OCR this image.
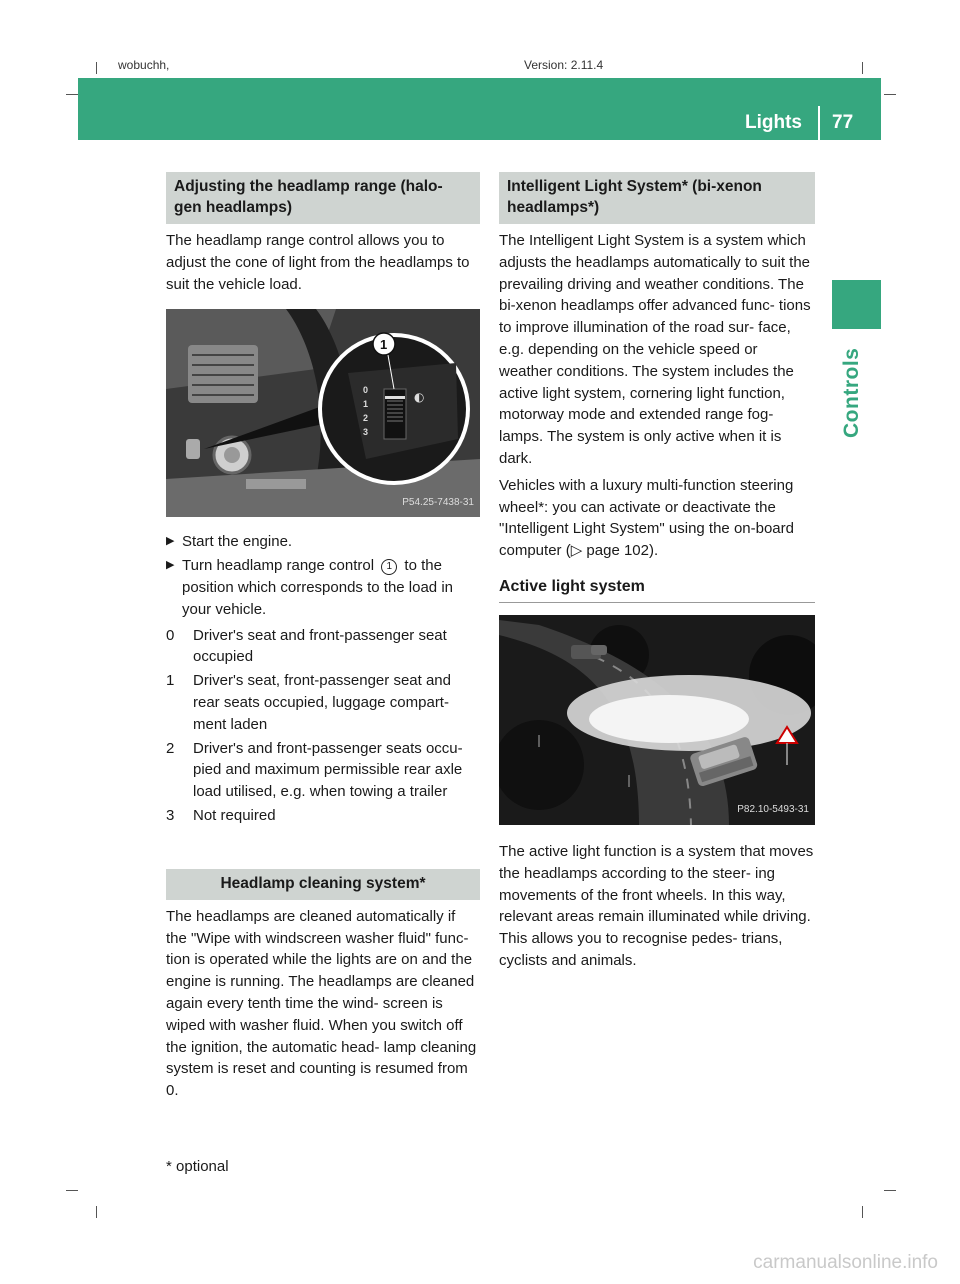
wobuchh,	Version: 2.11.4
Lights 77
Controls
Adjusting the headlamp range (halo-
gen headlamps)

The headlamp range control allows you to adjust the cone of light from the headlamps to suit the vehicle load.

◐
0
1
2
3
1
P54.25-7438-31
▶ Start the engine.
▶ Turn headlamp range control 1 to the position which corresponds to the load in your vehicle.
0	Driver's seat and front-passenger seat occupied
1	Driver's seat, front-passenger seat and rear seats occupied, luggage compart- ment laden
2	Driver's and front-passenger seats occu- pied and maximum permissible rear axle load utilised, e.g. when towing a trailer
3	Not required
Headlamp cleaning system*

The headlamps are cleaned automatically if the "Wipe with windscreen washer fluid" func- tion is operated while the lights are on and the engine is running. The headlamps are cleaned again every tenth time the wind- screen is wiped with washer fluid. When you switch off the ignition, the automatic head- lamp cleaning system is reset and counting is resumed from 0.

Intelligent Light System* (bi-xenon
headlamps*)

The Intelligent Light System is a system which adjusts the headlamps automatically to suit the prevailing driving and weather conditions. The bi-xenon headlamps offer advanced func- tions to improve illumination of the road sur- face, e.g. depending on the vehicle speed or weather conditions. The system includes the active light system, cornering light function, motorway mode and extended range fog- lamps. The system is only active when it is dark.

Vehicles with a luxury multi-function steering wheel*: you can activate or deactivate the "Intelligent Light System" using the on-board computer (▷ page 102).

Active light system
P82.10-5493-31

The active light function is a system that moves the headlamps according to the steer- ing movements of the front wheels. In this way, relevant areas remain illuminated while driving. This allows you to recognise pedes- trians, cyclists and animals.

* optional
carmanualsonline.info
